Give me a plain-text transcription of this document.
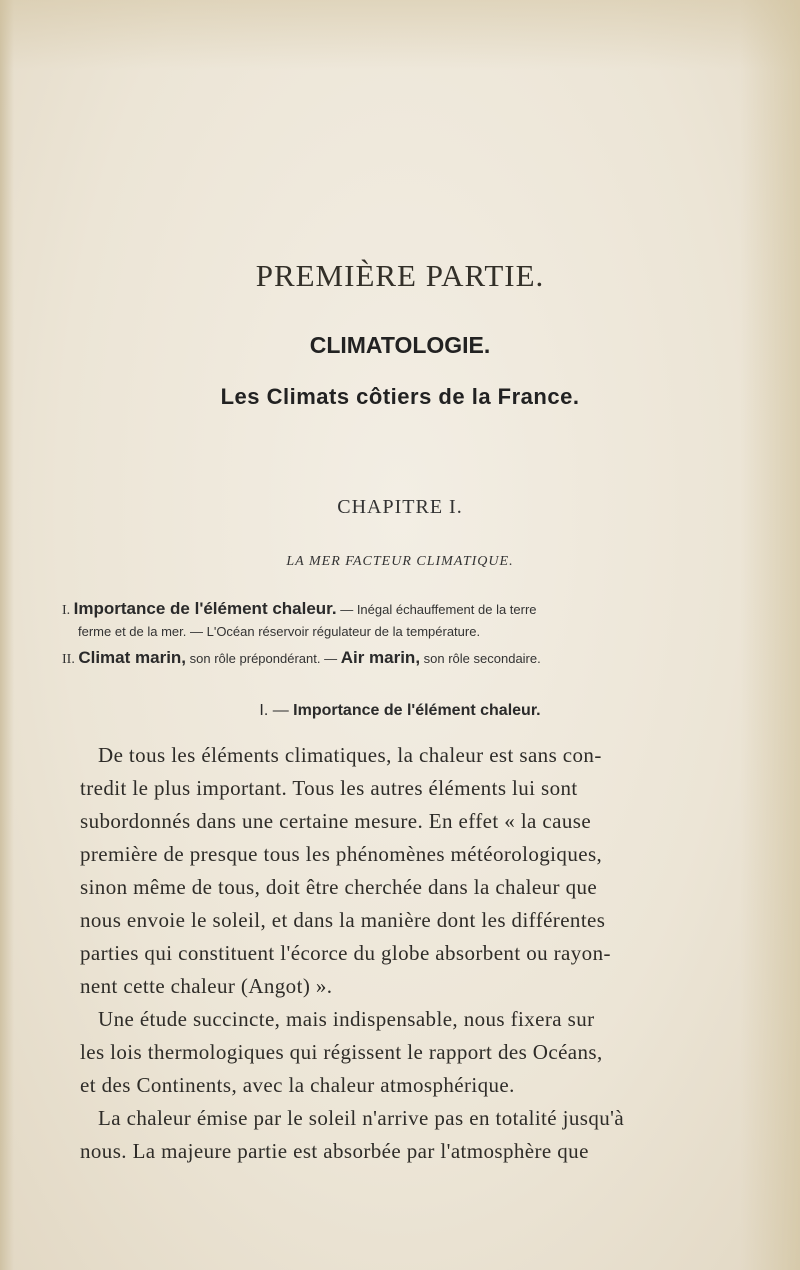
PREMIÈRE PARTIE.
CLIMATOLOGIE.
Les Climats côtiers de la France.
CHAPITRE I.
LA MER FACTEUR CLIMATIQUE.
I. Importance de l'élément chaleur. — Inégal échauffement de la terre
ferme et de la mer. — L'Océan réservoir régulateur de la température.
II. Climat marin, son rôle prépondérant. — Air marin, son rôle secondaire.
I. — Importance de l'élément chaleur.
De tous les éléments climatiques, la chaleur est sans con-
tredit le plus important. Tous les autres éléments lui sont
subordonnés dans une certaine mesure. En effet « la cause
première de presque tous les phénomènes météorologiques,
sinon même de tous, doit être cherchée dans la chaleur que
nous envoie le soleil, et dans la manière dont les différentes
parties qui constituent l'écorce du globe absorbent ou rayon-
nent cette chaleur (Angot) ».
Une étude succincte, mais indispensable, nous fixera sur
les lois thermologiques qui régissent le rapport des Océans,
et des Continents, avec la chaleur atmosphérique.
La chaleur émise par le soleil n'arrive pas en totalité jusqu'à
nous. La majeure partie est absorbée par l'atmosphère que
